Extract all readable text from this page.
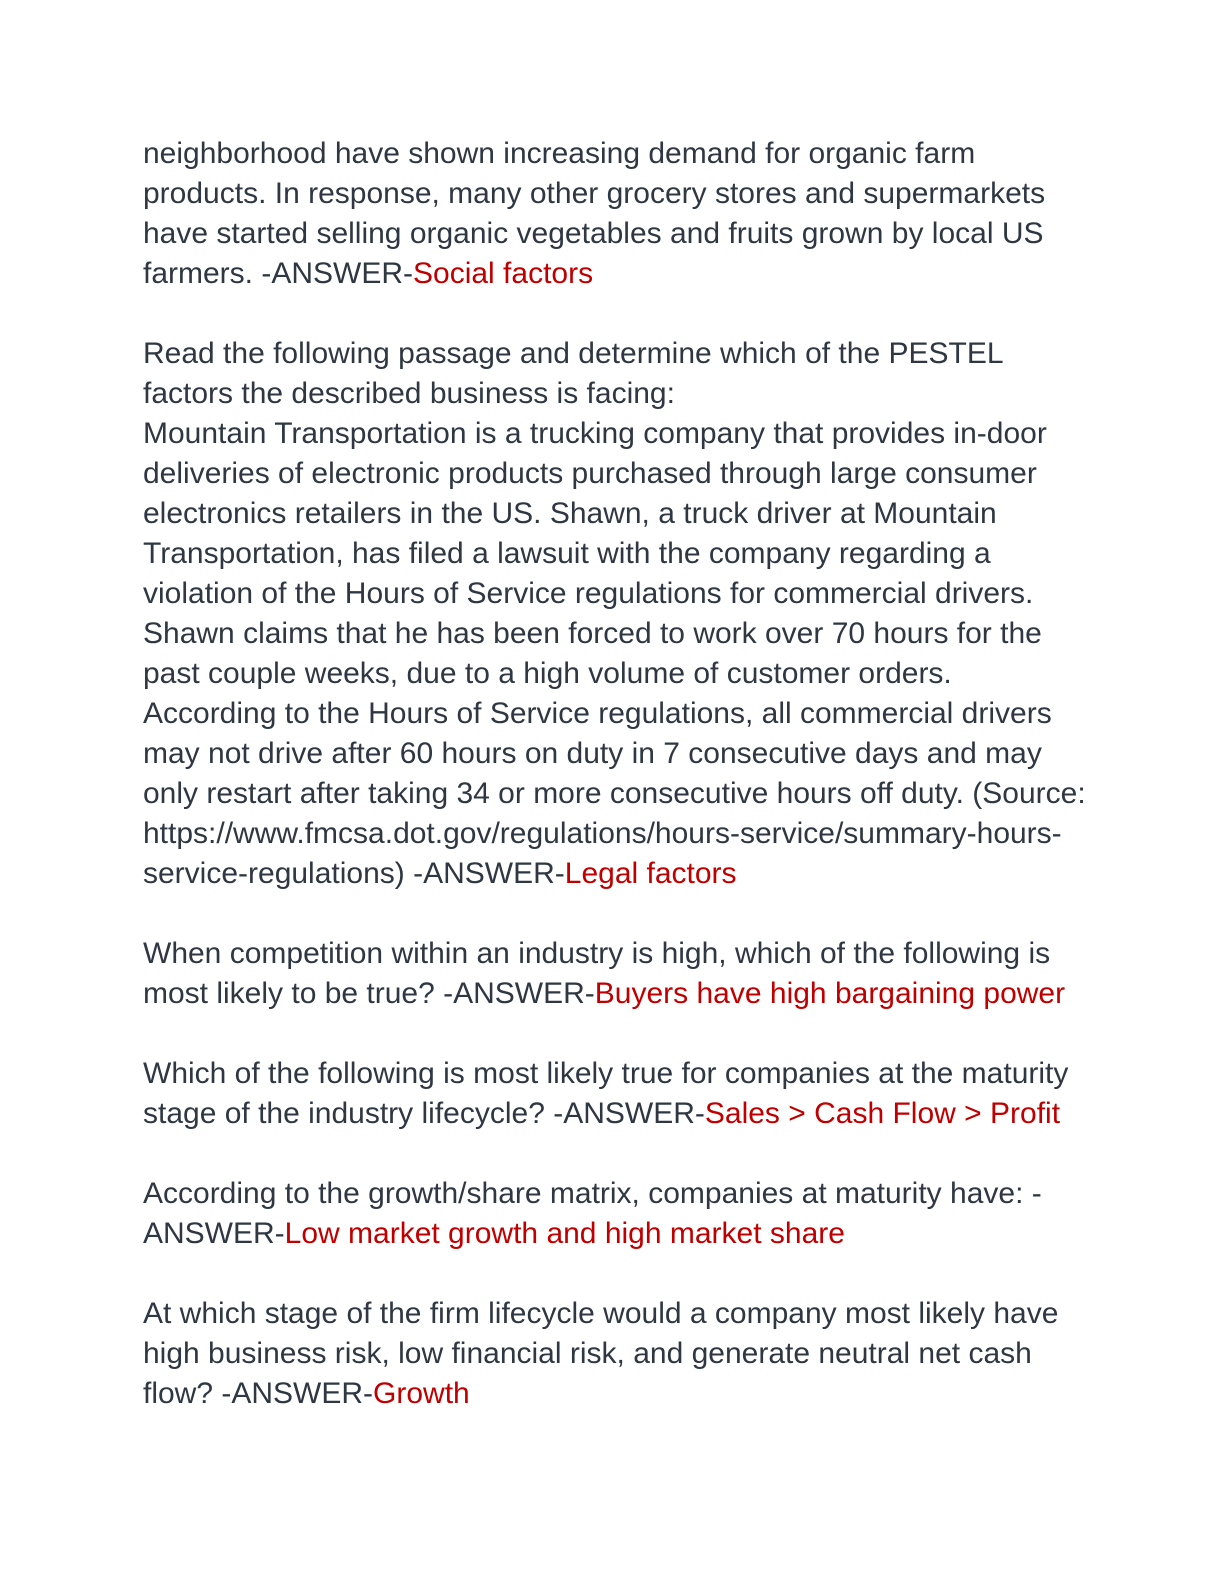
neighborhood have shown increasing demand for organic farm products. In response, many other grocery stores and supermarkets have started selling organic vegetables and fruits grown by local US farmers. -ANSWER-Social factors

Read the following passage and determine which of the PESTEL factors the described business is facing:
Mountain Transportation is a trucking company that provides in-door deliveries of electronic products purchased through large consumer electronics retailers in the US. Shawn, a truck driver at Mountain Transportation, has filed a lawsuit with the company regarding a violation of the Hours of Service regulations for commercial drivers. Shawn claims that he has been forced to work over 70 hours for the past couple weeks, due to a high volume of customer orders. According to the Hours of Service regulations, all commercial drivers may not drive after 60 hours on duty in 7 consecutive days and may only restart after taking 34 or more consecutive hours off duty. (Source: https://www.fmcsa.dot.gov/regulations/hours-service/summary-hours-service-regulations) -ANSWER-Legal factors

When competition within an industry is high, which of the following is most likely to be true? -ANSWER-Buyers have high bargaining power

Which of the following is most likely true for companies at the maturity stage of the industry lifecycle? -ANSWER-Sales > Cash Flow > Profit

According to the growth/share matrix, companies at maturity have: -ANSWER-Low market growth and high market share

At which stage of the firm lifecycle would a company most likely have high business risk, low financial risk, and generate neutral net cash flow? -ANSWER-Growth
